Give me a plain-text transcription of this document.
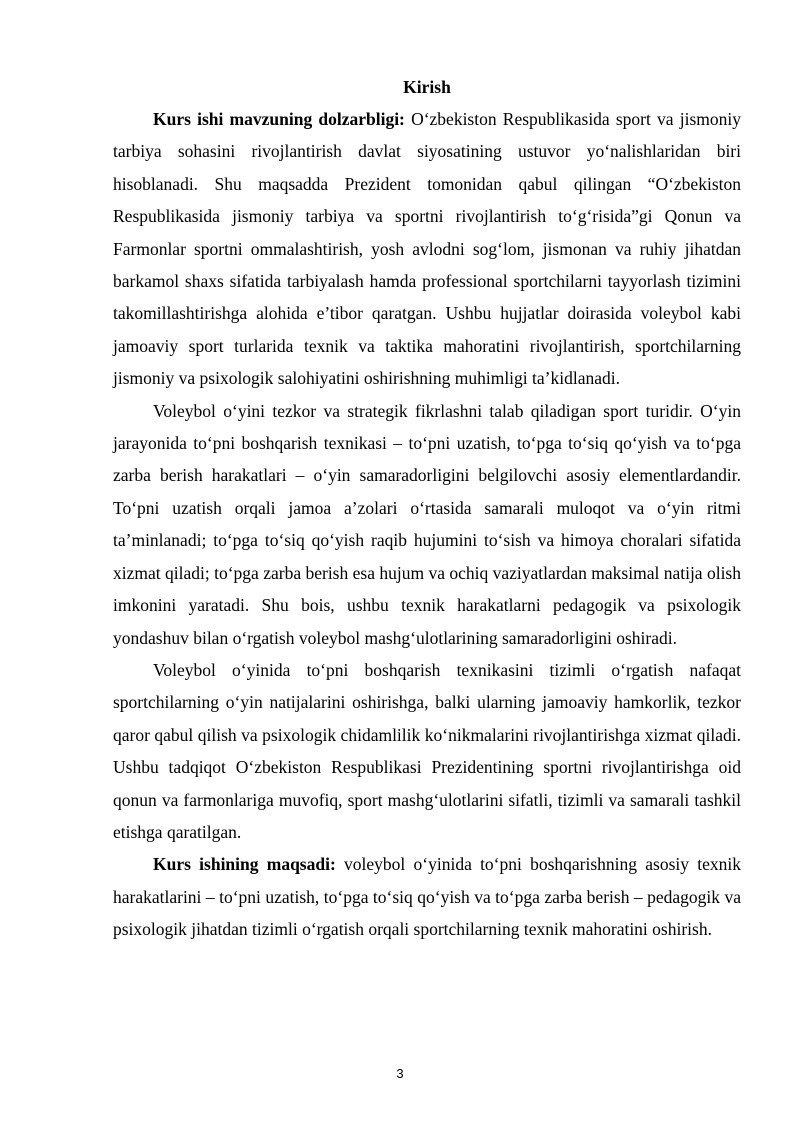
Kirish

Kurs ishi mavzuning dolzarbligi: O‘zbekiston Respublikasida sport va jismoniy tarbiya sohasini rivojlantirish davlat siyosatining ustuvor yo‘nalishlaridan biri hisoblanadi. Shu maqsadda Prezident tomonidan qabul qilingan “O‘zbekiston Respublikasida jismoniy tarbiya va sportni rivojlantirish to‘g‘risida”gi Qonun va Farmonlar sportni ommalashtirish, yosh avlodni sog‘lom, jismonan va ruhiy jihatdan barkamol shaxs sifatida tarbiyalash hamda professional sportchilarni tayyorlash tizimini takomillashtirishga alohida e’tibor qaratgan. Ushbu hujjatlar doirasida voleybol kabi jamoaviy sport turlarida texnik va taktika mahoratini rivojlantirish, sportchilarning jismoniy va psixologik salohiyatini oshirishning muhimligi ta’kidlanadi.

Voleybol o‘yini tezkor va strategik fikrlashni talab qiladigan sport turidir. O‘yin jarayonida to‘pni boshqarish texnikasi – to‘pni uzatish, to‘pga to‘siq qo‘yish va to‘pga zarba berish harakatlari – o‘yin samaradorligini belgilovchi asosiy elementlardandir. To‘pni uzatish orqali jamoa a’zolari o‘rtasida samarali muloqot va o‘yin ritmi ta’minlanadi; to‘pga to‘siq qo‘yish raqib hujumini to‘sish va himoya choralari sifatida xizmat qiladi; to‘pga zarba berish esa hujum va ochiq vaziyatlardan maksimal natija olish imkonini yaratadi. Shu bois, ushbu texnik harakatlarni pedagogik va psixologik yondashuv bilan o‘rgatish voleybol mashg‘ulotlarining samaradorligini oshiradi.

Voleybol o‘yinida to‘pni boshqarish texnikasini tizimli o‘rgatish nafaqat sportchilarning o‘yin natijalarini oshirishga, balki ularning jamoaviy hamkorlik, tezkor qaror qabul qilish va psixologik chidamlilik ko‘nikmalarini rivojlantirishga xizmat qiladi. Ushbu tadqiqot O‘zbekiston Respublikasi Prezidentining sportni rivojlantirishga oid qonun va farmonlariga muvofiq, sport mashg‘ulotlarini sifatli, tizimli va samarali tashkil etishga qaratilgan.

Kurs ishining maqsadi: voleybol o‘yinida to‘pni boshqarishning asosiy texnik harakatlarini – to‘pni uzatish, to‘pga to‘siq qo‘yish va to‘pga zarba berish – pedagogik va psixologik jihatdan tizimli o‘rgatish orqali sportchilarning texnik mahoratini oshirish.

3
